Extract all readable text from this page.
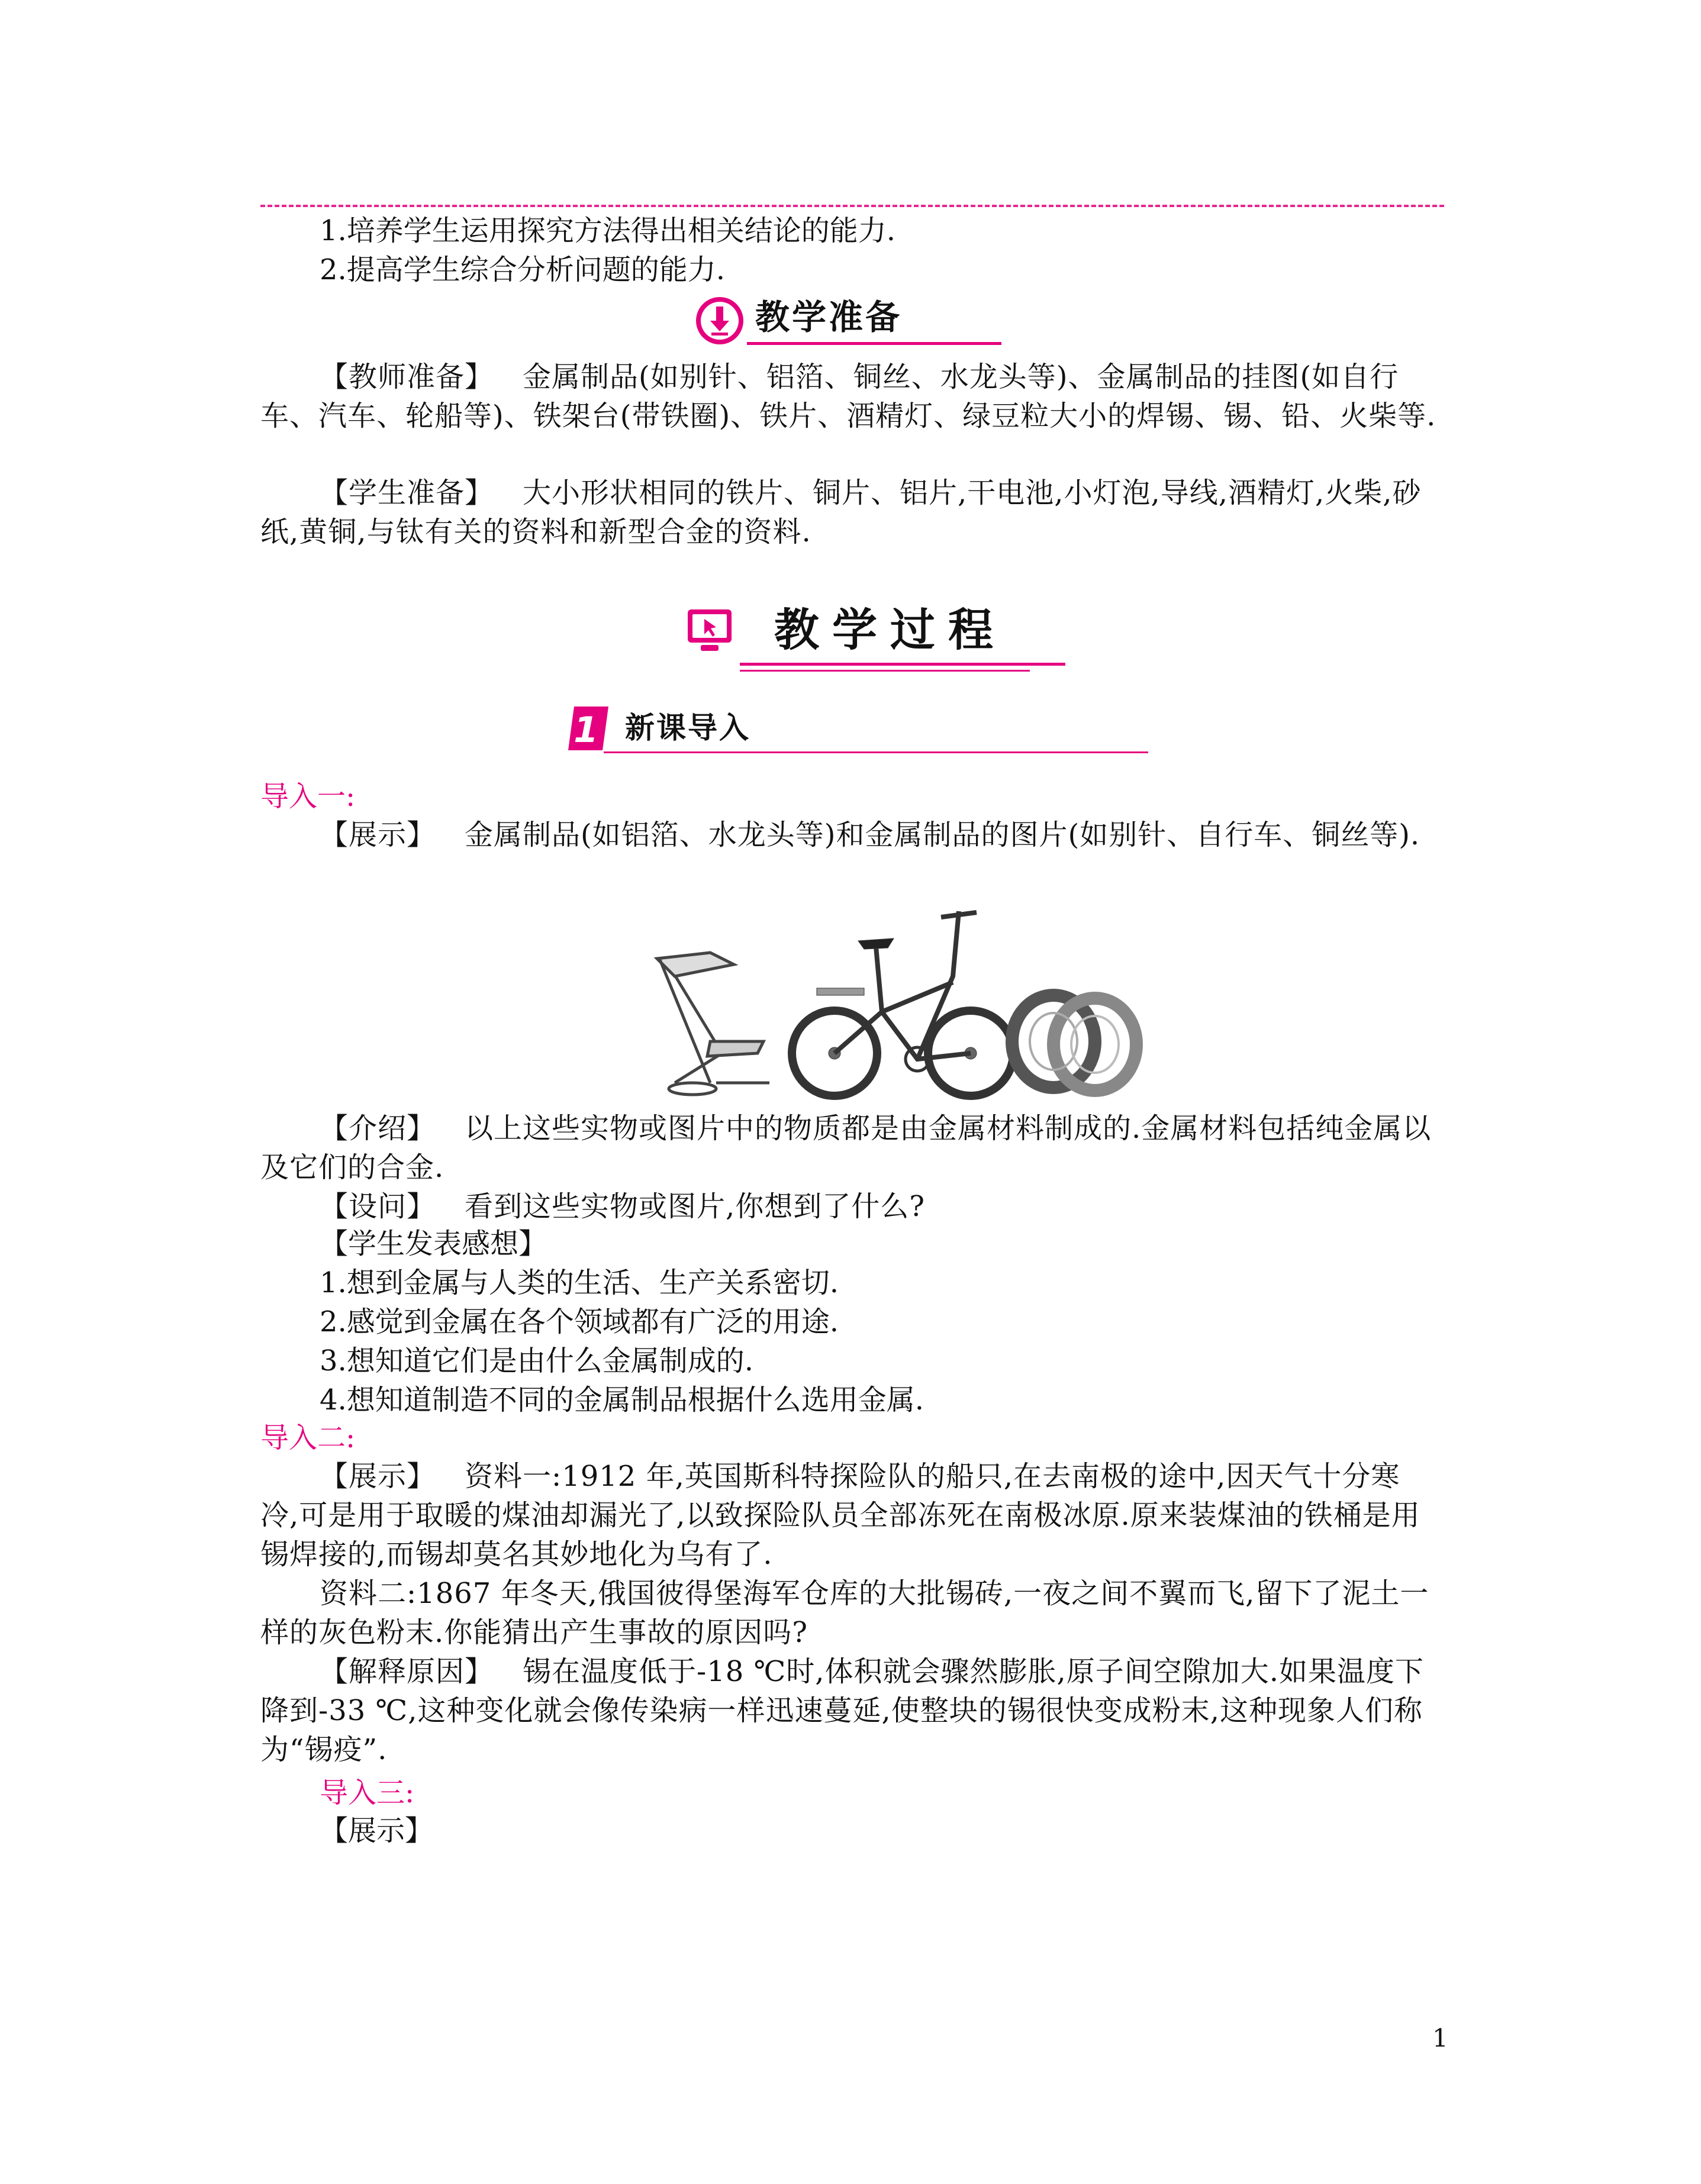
1.培养学生运用探究方法得出相关结论的能力.
2.提高学生综合分析问题的能力.
教学准备
【教师准备】  金属制品(如别针、铝箔、铜丝、水龙头等)、金属制品的挂图(如自行车、汽车、轮船等)、铁架台(带铁圈)、铁片、酒精灯、绿豆粒大小的焊锡、锡、铅、火柴等.
【学生准备】  大小形状相同的铁片、铜片、铝片,干电池,小灯泡,导线,酒精灯,火柴,砂纸,黄铜,与钛有关的资料和新型合金的资料.
教学过程
1 新课导入
导入一:
【展示】  金属制品(如铝箔、水龙头等)和金属制品的图片(如别针、自行车、铜丝等).
【介绍】  以上这些实物或图片中的物质都是由金属材料制成的.金属材料包括纯金属以及它们的合金.
【设问】  看到这些实物或图片,你想到了什么?
【学生发表感想】
1.想到金属与人类的生活、生产关系密切.
2.感觉到金属在各个领域都有广泛的用途.
3.想知道它们是由什么金属制成的.
4.想知道制造不同的金属制品根据什么选用金属.
导入二:
【展示】  资料一:1912 年,英国斯科特探险队的船只,在去南极的途中,因天气十分寒冷,可是用于取暖的煤油却漏光了,以致探险队员全部冻死在南极冰原.原来装煤油的铁桶是用锡焊接的,而锡却莫名其妙地化为乌有了.
资料二:1867 年冬天,俄国彼得堡海军仓库的大批锡砖,一夜之间不翼而飞,留下了泥土一样的灰色粉末.你能猜出产生事故的原因吗?
【解释原因】  锡在温度低于-18 ℃时,体积就会骤然膨胀,原子间空隙加大.如果温度下降到-33 ℃,这种变化就会像传染病一样迅速蔓延,使整块的锡很快变成粉末,这种现象人们称为“锡疫”.
导入三:
【展示】
1
